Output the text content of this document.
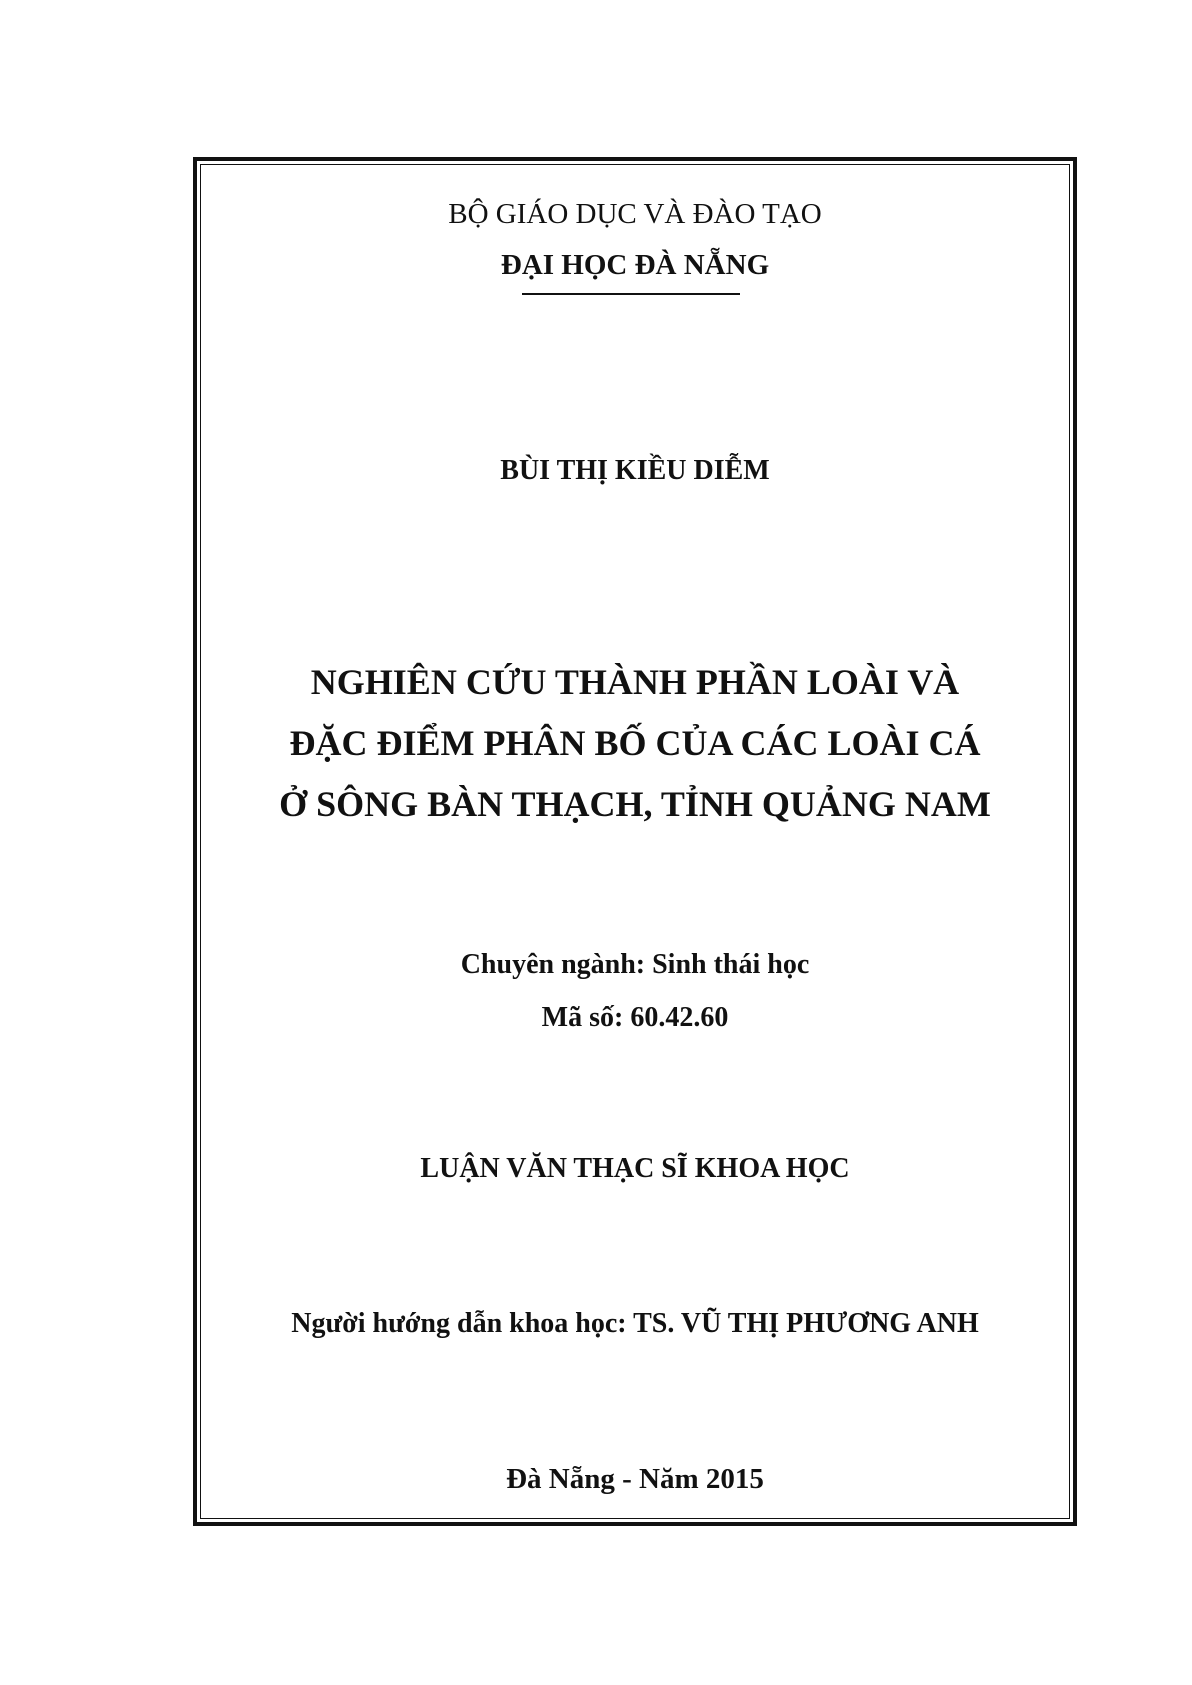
BỘ GIÁO DỤC VÀ ĐÀO TẠO
ĐẠI HỌC ĐÀ NẴNG
BÙI THỊ KIỀU DIỄM
NGHIÊN CỨU THÀNH PHẦN LOÀI VÀ
ĐẶC ĐIỂM PHÂN BỐ CỦA CÁC LOÀI CÁ
Ở SÔNG BÀN THẠCH, TỈNH QUẢNG NAM
Chuyên ngành: Sinh thái học
Mã số: 60.42.60
LUẬN VĂN THẠC SĨ KHOA HỌC
Người hướng dẫn khoa học: TS. VŨ THỊ PHƯƠNG ANH
Đà Nẵng - Năm 2015
